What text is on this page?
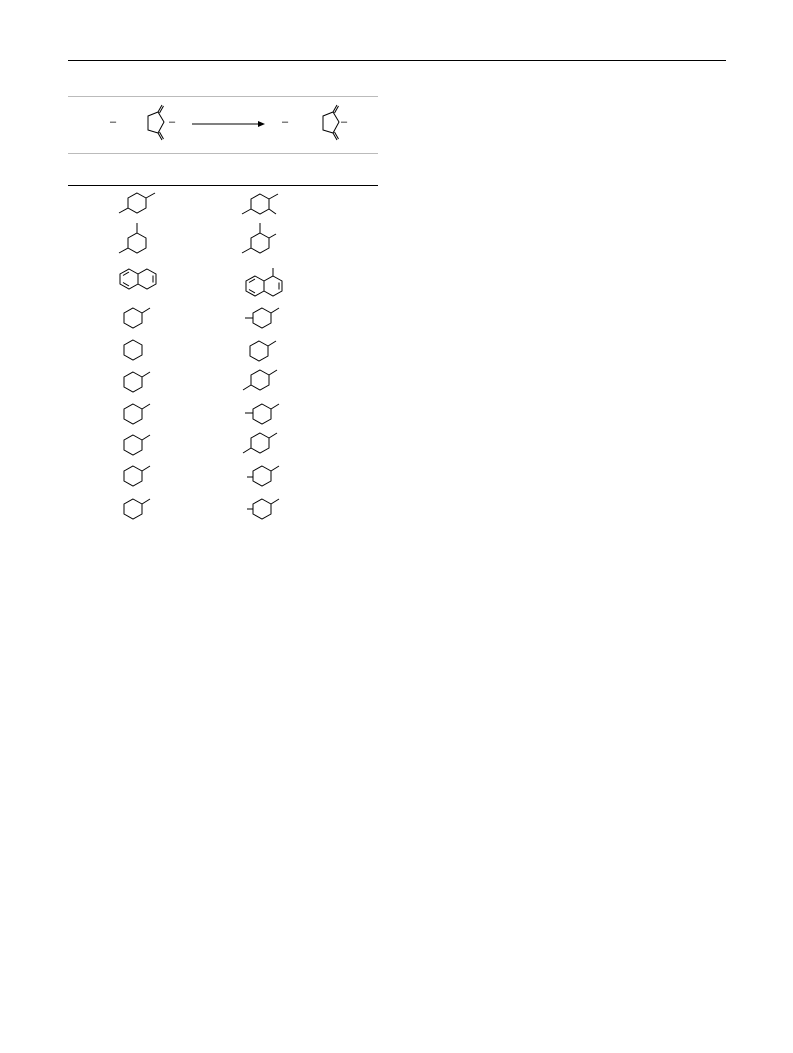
–	–	–	–
